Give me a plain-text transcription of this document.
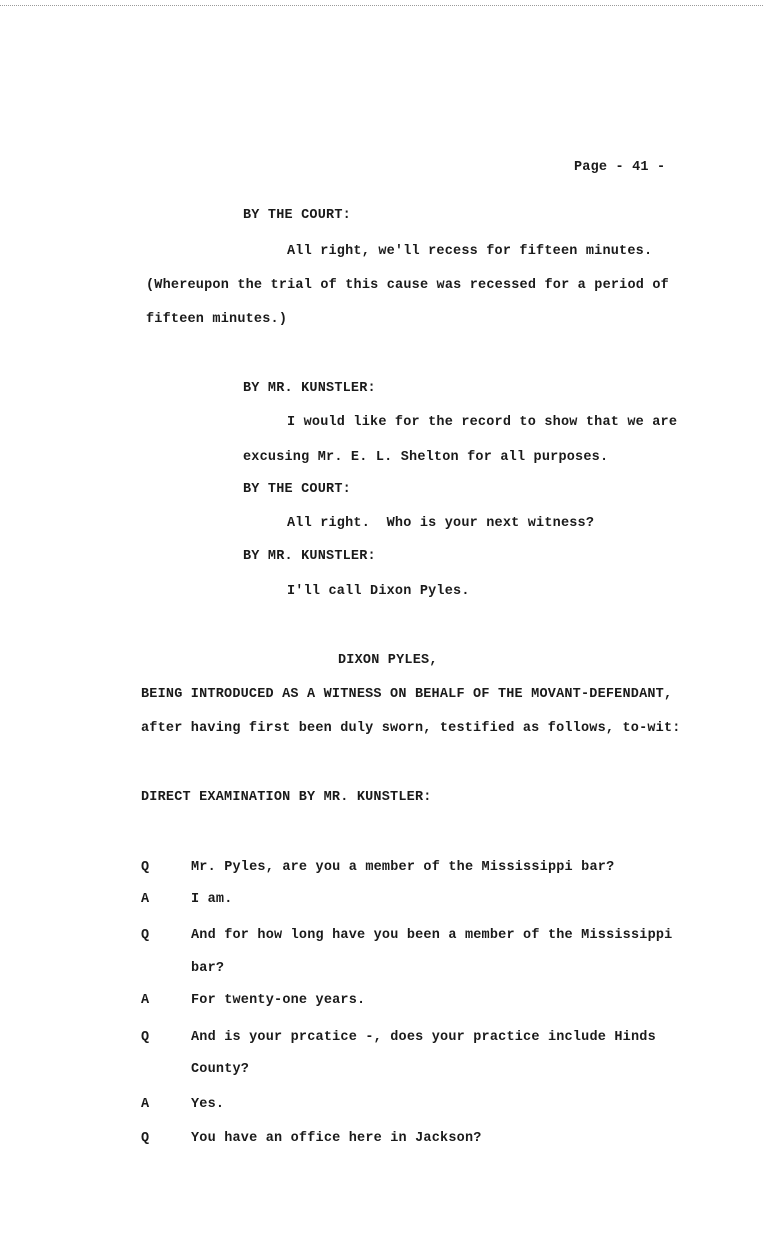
Page - 41 -
BY THE COURT:
All right, we'll recess for fifteen minutes.
(Whereupon the trial of this cause was recessed for a period of
fifteen minutes.)
BY MR. KUNSTLER:
I would like for the record to show that we are
excusing Mr. E. L. Shelton for all purposes.
BY THE COURT:
All right.  Who is your next witness?
BY MR. KUNSTLER:
I'll call Dixon Pyles.
DIXON PYLES,
BEING INTRODUCED AS A WITNESS ON BEHALF OF THE MOVANT-DEFENDANT,
after having first been duly sworn, testified as follows, to-wit:
DIRECT EXAMINATION BY MR. KUNSTLER:
Q	Mr. Pyles, are you a member of the Mississippi bar?
A	I am.
Q	And for how long have you been a member of the Mississippi
bar?
A	For twenty-one years.
Q	And is your prcatice -, does your practice include Hinds
County?
A	Yes.
Q	You have an office here in Jackson?
